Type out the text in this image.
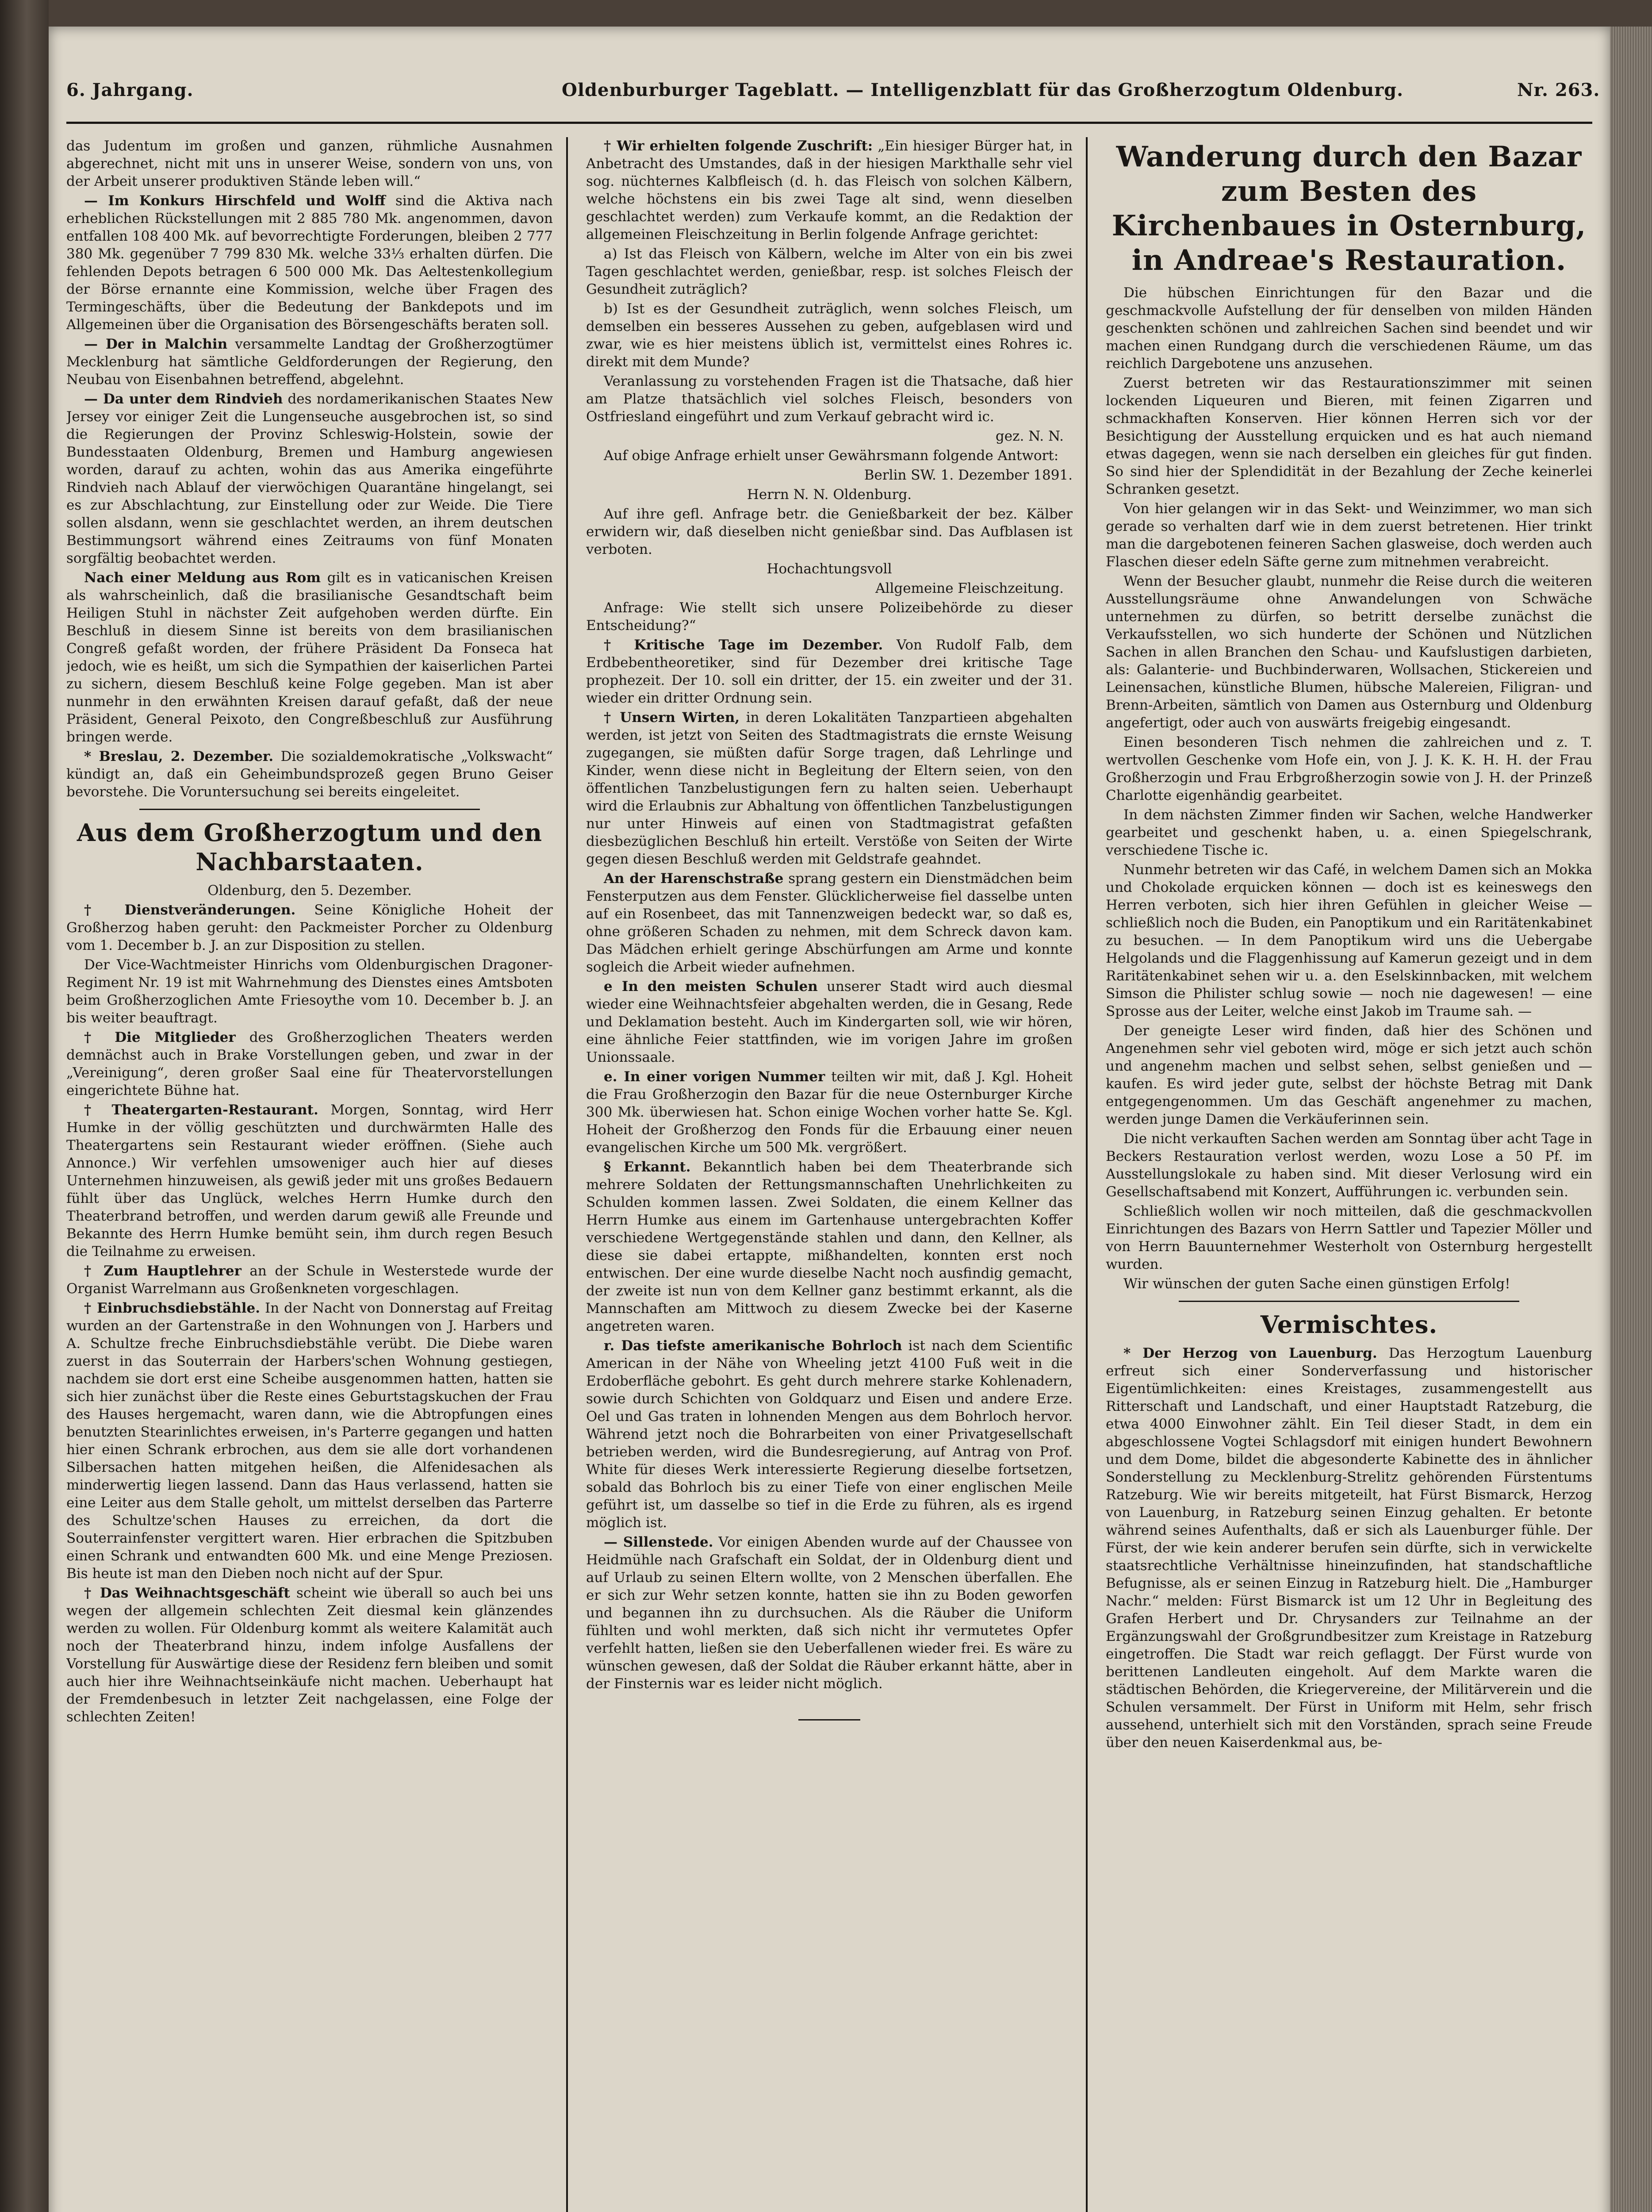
6. Jahrgang.	Oldenburburger Tageblatt. — Intelligenzblatt für das Großherzogtum Oldenburg.	Nr. 263.

das Judentum im großen und ganzen, rühmliche Ausnahmen abgerechnet, nicht mit uns in unserer Weise, sondern von uns, von der Arbeit unserer produktiven Stände leben will.“

— Im Konkurs Hirschfeld und Wolff sind die Aktiva nach erheblichen Rückstellungen mit 2 885 780 Mk. angenommen, davon entfallen 108 400 Mk. auf bevorrechtigte Forderungen, bleiben 2 777 380 Mk. gegenüber 7 799 830 Mk. welche 33⅓ erhalten dürfen. Die fehlenden Depots betragen 6 500 000 Mk. Das Aeltestenkollegium der Börse ernannte eine Kommission, welche über Fragen des Termingeschäfts, über die Bedeutung der Bankdepots und im Allgemeinen über die Organisation des Börsengeschäfts beraten soll.

— Der in Malchin versammelte Landtag der Großherzogtümer Mecklenburg hat sämtliche Geldforderungen der Regierung, den Neubau von Eisenbahnen betreffend, abgelehnt.

— Da unter dem Rindvieh des nordamerikanischen Staates New Jersey vor einiger Zeit die Lungenseuche ausgebrochen ist, so sind die Regierungen der Provinz Schleswig-Holstein, sowie der Bundesstaaten Oldenburg, Bremen und Hamburg angewiesen worden, darauf zu achten, wohin das aus Amerika eingeführte Rindvieh nach Ablauf der vierwöchigen Quarantäne hingelangt, sei es zur Abschlachtung, zur Einstellung oder zur Weide. Die Tiere sollen alsdann, wenn sie geschlachtet werden, an ihrem deutschen Bestimmungsort während eines Zeitraums von fünf Monaten sorgfältig beobachtet werden.

Nach einer Meldung aus Rom gilt es in vaticanischen Kreisen als wahrscheinlich, daß die brasilianische Gesandtschaft beim Heiligen Stuhl in nächster Zeit aufgehoben werden dürfte. Ein Beschluß in diesem Sinne ist bereits von dem brasilianischen Congreß gefaßt worden, der frühere Präsident Da Fonseca hat jedoch, wie es heißt, um sich die Sympathien der kaiserlichen Partei zu sichern, diesem Beschluß keine Folge gegeben. Man ist aber nunmehr in den erwähnten Kreisen darauf gefaßt, daß der neue Präsident, General Peixoto, den Congreßbeschluß zur Ausführung bringen werde.

* Breslau, 2. Dezember. Die sozialdemokratische „Volkswacht“ kündigt an, daß ein Geheimbundsprozeß gegen Bruno Geiser bevorstehe. Die Voruntersuchung sei bereits eingeleitet.

Aus dem Großherzogtum und den Nachbarstaaten.

Oldenburg, den 5. Dezember.

† Dienstveränderungen. Seine Königliche Hoheit der Großherzog haben geruht: den Packmeister Porcher zu Oldenburg vom 1. December b. J. an zur Disposition zu stellen.

Der Vice-Wachtmeister Hinrichs vom Oldenburgischen Dragoner-Regiment Nr. 19 ist mit Wahrnehmung des Dienstes eines Amtsboten beim Großherzoglichen Amte Friesoythe vom 10. December b. J. an bis weiter beauftragt.

† Die Mitglieder des Großherzoglichen Theaters werden demnächst auch in Brake Vorstellungen geben, und zwar in der „Vereinigung“, deren großer Saal eine für Theatervorstellungen eingerichtete Bühne hat.

† Theatergarten-Restaurant. Morgen, Sonntag, wird Herr Humke in der völlig geschützten und durchwärmten Halle des Theatergartens sein Restaurant wieder eröffnen. (Siehe auch Annonce.) Wir verfehlen umsoweniger auch hier auf dieses Unternehmen hinzuweisen, als gewiß jeder mit uns großes Bedauern fühlt über das Unglück, welches Herrn Humke durch den Theaterbrand betroffen, und werden darum gewiß alle Freunde und Bekannte des Herrn Humke bemüht sein, ihm durch regen Besuch die Teilnahme zu erweisen.

† Zum Hauptlehrer an der Schule in Westerstede wurde der Organist Warrelmann aus Großenkneten vorgeschlagen.

† Einbruchsdiebstähle. In der Nacht von Donnerstag auf Freitag wurden an der Gartenstraße in den Wohnungen von J. Harbers und A. Schultze freche Einbruchsdiebstähle verübt. Die Diebe waren zuerst in das Souterrain der Harbers'schen Wohnung gestiegen, nachdem sie dort erst eine Scheibe ausgenommen hatten, hatten sie sich hier zunächst über die Reste eines Geburtstagskuchen der Frau des Hauses hergemacht, waren dann, wie die Abtropfungen eines benutzten Stearinlichtes erweisen, in's Parterre gegangen und hatten hier einen Schrank erbrochen, aus dem sie alle dort vorhandenen Silbersachen hatten mitgehen heißen, die Alfenidesachen als minderwertig liegen lassend. Dann das Haus verlassend, hatten sie eine Leiter aus dem Stalle geholt, um mittelst derselben das Parterre des Schultze'schen Hauses zu erreichen, da dort die Souterrainfenster vergittert waren. Hier erbrachen die Spitzbuben einen Schrank und entwandten 600 Mk. und eine Menge Preziosen. Bis heute ist man den Dieben noch nicht auf der Spur.

† Das Weihnachtsgeschäft scheint wie überall so auch bei uns wegen der allgemein schlechten Zeit diesmal kein glänzendes werden zu wollen. Für Oldenburg kommt als weitere Kalamität auch noch der Theaterbrand hinzu, indem infolge Ausfallens der Vorstellung für Auswärtige diese der Residenz fern bleiben und somit auch hier ihre Weihnachtseinkäufe nicht machen. Ueberhaupt hat der Fremdenbesuch in letzter Zeit nachgelassen, eine Folge der schlechten Zeiten!

† Wir erhielten folgende Zuschrift: „Ein hiesiger Bürger hat, in Anbetracht des Umstandes, daß in der hiesigen Markthalle sehr viel sog. nüchternes Kalbfleisch (d. h. das Fleisch von solchen Kälbern, welche höchstens ein bis zwei Tage alt sind, wenn dieselben geschlachtet werden) zum Verkaufe kommt, an die Redaktion der allgemeinen Fleischzeitung in Berlin folgende Anfrage gerichtet:

a) Ist das Fleisch von Kälbern, welche im Alter von ein bis zwei Tagen geschlachtet werden, genießbar, resp. ist solches Fleisch der Gesundheit zuträglich?

b) Ist es der Gesundheit zuträglich, wenn solches Fleisch, um demselben ein besseres Aussehen zu geben, aufgeblasen wird und zwar, wie es hier meistens üblich ist, vermittelst eines Rohres ic. direkt mit dem Munde?

Veranlassung zu vorstehenden Fragen ist die Thatsache, daß hier am Platze thatsächlich viel solches Fleisch, besonders von Ostfriesland eingeführt und zum Verkauf gebracht wird ic.

gez. N. N.

Auf obige Anfrage erhielt unser Gewährsmann folgende Antwort:

Berlin SW. 1. Dezember 1891.

Herrn N. N. Oldenburg.

Auf ihre gefl. Anfrage betr. die Genießbarkeit der bez. Kälber erwidern wir, daß dieselben nicht genießbar sind. Das Aufblasen ist verboten.

Hochachtungsvoll

Allgemeine Fleischzeitung.

Anfrage: Wie stellt sich unsere Polizeibehörde zu dieser Entscheidung?“

† Kritische Tage im Dezember. Von Rudolf Falb, dem Erdbebentheoretiker, sind für Dezember drei kritische Tage prophezeit. Der 10. soll ein dritter, der 15. ein zweiter und der 31. wieder ein dritter Ordnung sein.

† Unsern Wirten, in deren Lokalitäten Tanzpartieen abgehalten werden, ist jetzt von Seiten des Stadtmagistrats die ernste Weisung zugegangen, sie müßten dafür Sorge tragen, daß Lehrlinge und Kinder, wenn diese nicht in Begleitung der Eltern seien, von den öffentlichen Tanzbelustigungen fern zu halten seien. Ueberhaupt wird die Erlaubnis zur Abhaltung von öffentlichen Tanzbelustigungen nur unter Hinweis auf einen von Stadtmagistrat gefaßten diesbezüglichen Beschluß hin erteilt. Verstöße von Seiten der Wirte gegen diesen Beschluß werden mit Geldstrafe geahndet.

An der Harenschstraße sprang gestern ein Dienstmädchen beim Fensterputzen aus dem Fenster. Glücklicherweise fiel dasselbe unten auf ein Rosenbeet, das mit Tannenzweigen bedeckt war, so daß es, ohne größeren Schaden zu nehmen, mit dem Schreck davon kam. Das Mädchen erhielt geringe Abschürfungen am Arme und konnte sogleich die Arbeit wieder aufnehmen.

e In den meisten Schulen unserer Stadt wird auch diesmal wieder eine Weihnachtsfeier abgehalten werden, die in Gesang, Rede und Deklamation besteht. Auch im Kindergarten soll, wie wir hören, eine ähnliche Feier stattfinden, wie im vorigen Jahre im großen Unionssaale.

e. In einer vorigen Nummer teilten wir mit, daß J. Kgl. Hoheit die Frau Großherzogin den Bazar für die neue Osternburger Kirche 300 Mk. überwiesen hat. Schon einige Wochen vorher hatte Se. Kgl. Hoheit der Großherzog den Fonds für die Erbauung einer neuen evangelischen Kirche um 500 Mk. vergrößert.

§ Erkannt. Bekanntlich haben bei dem Theaterbrande sich mehrere Soldaten der Rettungsmannschaften Unehrlichkeiten zu Schulden kommen lassen. Zwei Soldaten, die einem Kellner das Herrn Humke aus einem im Gartenhause untergebrachten Koffer verschiedene Wertgegenstände stahlen und dann, den Kellner, als diese sie dabei ertappte, mißhandelten, konnten erst noch entwischen. Der eine wurde dieselbe Nacht noch ausfindig gemacht, der zweite ist nun von dem Kellner ganz bestimmt erkannt, als die Mannschaften am Mittwoch zu diesem Zwecke bei der Kaserne angetreten waren.

r. Das tiefste amerikanische Bohrloch ist nach dem Scientific American in der Nähe von Wheeling jetzt 4100 Fuß weit in die Erdoberfläche gebohrt. Es geht durch mehrere starke Kohlenadern, sowie durch Schichten von Goldquarz und Eisen und andere Erze. Oel und Gas traten in lohnenden Mengen aus dem Bohrloch hervor. Während jetzt noch die Bohrarbeiten von einer Privatgesellschaft betrieben werden, wird die Bundesregierung, auf Antrag von Prof. White für dieses Werk interessierte Regierung dieselbe fortsetzen, sobald das Bohrloch bis zu einer Tiefe von einer englischen Meile geführt ist, um dasselbe so tief in die Erde zu führen, als es irgend möglich ist.

— Sillenstede. Vor einigen Abenden wurde auf der Chaussee von Heidmühle nach Grafschaft ein Soldat, der in Oldenburg dient und auf Urlaub zu seinen Eltern wollte, von 2 Menschen überfallen. Ehe er sich zur Wehr setzen konnte, hatten sie ihn zu Boden geworfen und begannen ihn zu durchsuchen. Als die Räuber die Uniform fühlten und wohl merkten, daß sich nicht ihr vermutetes Opfer verfehlt hatten, ließen sie den Ueberfallenen wieder frei. Es wäre zu wünschen gewesen, daß der Soldat die Räuber erkannt hätte, aber in der Finsternis war es leider nicht möglich.

Wanderung durch den Bazar zum Besten des Kirchenbaues in Osternburg, in Andreae's Restauration.

Die hübschen Einrichtungen für den Bazar und die geschmackvolle Aufstellung der für denselben von milden Händen geschenkten schönen und zahlreichen Sachen sind beendet und wir machen einen Rundgang durch die verschiedenen Räume, um das reichlich Dargebotene uns anzusehen.

Zuerst betreten wir das Restaurationszimmer mit seinen lockenden Liqueuren und Bieren, mit feinen Zigarren und schmackhaften Konserven. Hier können Herren sich vor der Besichtigung der Ausstellung erquicken und es hat auch niemand etwas dagegen, wenn sie nach derselben ein gleiches für gut finden. So sind hier der Splendidität in der Bezahlung der Zeche keinerlei Schranken gesetzt.

Von hier gelangen wir in das Sekt- und Weinzimmer, wo man sich gerade so verhalten darf wie in dem zuerst betretenen. Hier trinkt man die dargebotenen feineren Sachen glasweise, doch werden auch Flaschen dieser edeln Säfte gerne zum mitnehmen verabreicht.

Wenn der Besucher glaubt, nunmehr die Reise durch die weiteren Ausstellungsräume ohne Anwandelungen von Schwäche unternehmen zu dürfen, so betritt derselbe zunächst die Verkaufsstellen, wo sich hunderte der Schönen und Nützlichen Sachen in allen Branchen den Schau- und Kaufslustigen darbieten, als: Galanterie- und Buchbinderwaren, Wollsachen, Stickereien und Leinensachen, künstliche Blumen, hübsche Malereien, Filigran- und Brenn-Arbeiten, sämtlich von Damen aus Osternburg und Oldenburg angefertigt, oder auch von auswärts freigebig eingesandt.

Einen besonderen Tisch nehmen die zahlreichen und z. T. wertvollen Geschenke vom Hofe ein, von J. J. K. K. H. H. der Frau Großherzogin und Frau Erbgroßherzogin sowie von J. H. der Prinzeß Charlotte eigenhändig gearbeitet.

In dem nächsten Zimmer finden wir Sachen, welche Handwerker gearbeitet und geschenkt haben, u. a. einen Spiegelschrank, verschiedene Tische ic.

Nunmehr betreten wir das Café, in welchem Damen sich an Mokka und Chokolade erquicken können — doch ist es keineswegs den Herren verboten, sich hier ihren Gefühlen in gleicher Weise — schließlich noch die Buden, ein Panoptikum und ein Raritätenkabinet zu besuchen. — In dem Panoptikum wird uns die Uebergabe Helgolands und die Flaggenhissung auf Kamerun gezeigt und in dem Raritätenkabinet sehen wir u. a. den Eselskinnbacken, mit welchem Simson die Philister schlug sowie — noch nie dagewesen! — eine Sprosse aus der Leiter, welche einst Jakob im Traume sah. —

Der geneigte Leser wird finden, daß hier des Schönen und Angenehmen sehr viel geboten wird, möge er sich jetzt auch schön und angenehm machen und selbst sehen, selbst genießen und — kaufen. Es wird jeder gute, selbst der höchste Betrag mit Dank entgegengenommen. Um das Geschäft angenehmer zu machen, werden junge Damen die Verkäuferinnen sein.

Die nicht verkauften Sachen werden am Sonntag über acht Tage in Beckers Restauration verlost werden, wozu Lose a 50 Pf. im Ausstellungslokale zu haben sind. Mit dieser Verlosung wird ein Gesellschaftsabend mit Konzert, Aufführungen ic. verbunden sein.

Schließlich wollen wir noch mitteilen, daß die geschmackvollen Einrichtungen des Bazars von Herrn Sattler und Tapezier Möller und von Herrn Bauunternehmer Westerholt von Osternburg hergestellt wurden.

Wir wünschen der guten Sache einen günstigen Erfolg!

Vermischtes.

* Der Herzog von Lauenburg. Das Herzogtum Lauenburg erfreut sich einer Sonderverfassung und historischer Eigentümlichkeiten: eines Kreistages, zusammengestellt aus Ritterschaft und Landschaft, und einer Hauptstadt Ratzeburg, die etwa 4000 Einwohner zählt. Ein Teil dieser Stadt, in dem ein abgeschlossene Vogtei Schlagsdorf mit einigen hundert Bewohnern und dem Dome, bildet die abgesonderte Kabinette des in ähnlicher Sonderstellung zu Mecklenburg-Strelitz gehörenden Fürstentums Ratzeburg. Wie wir bereits mitgeteilt, hat Fürst Bismarck, Herzog von Lauenburg, in Ratzeburg seinen Einzug gehalten. Er betonte während seines Aufenthalts, daß er sich als Lauenburger fühle. Der Fürst, der wie kein anderer berufen sein dürfte, sich in verwickelte staatsrechtliche Verhältnisse hineinzufinden, hat standschaftliche Befugnisse, als er seinen Einzug in Ratzeburg hielt. Die „Hamburger Nachr.“ melden: Fürst Bismarck ist um 12 Uhr in Begleitung des Grafen Herbert und Dr. Chrysanders zur Teilnahme an der Ergänzungswahl der Großgrundbesitzer zum Kreistage in Ratzeburg eingetroffen. Die Stadt war reich geflaggt. Der Fürst wurde von berittenen Landleuten eingeholt. Auf dem Markte waren die städtischen Behörden, die Kriegervereine, der Militärverein und die Schulen versammelt. Der Fürst in Uniform mit Helm, sehr frisch aussehend, unterhielt sich mit den Vorständen, sprach seine Freude über den neuen Kaiserdenkmal aus, be-
